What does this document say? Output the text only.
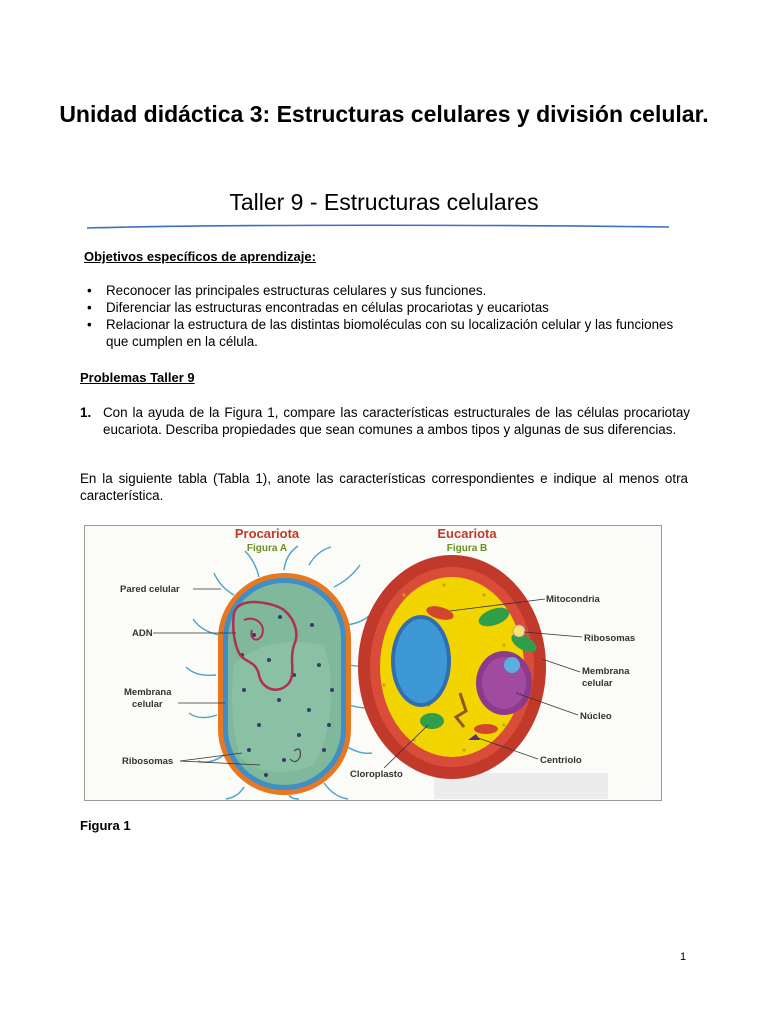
Unidad didáctica 3: Estructuras celulares y división celular.
Taller 9 - Estructuras celulares
Objetivos específicos de aprendizaje:
• Reconocer las principales estructuras celulares y sus funciones.
• Diferenciar las estructuras encontradas en células procariotas y eucariotas
• Relacionar la estructura de las distintas biomoléculas con su localización celular y las funciones que cumplen en la célula.
Problemas Taller 9
1. Con la ayuda de la Figura 1, compare las características estructurales de las células procariotay eucariota. Describa propiedades que sean comunes a ambos tipos y algunas de sus diferencias.
En la siguiente tabla (Tabla 1), anote las características correspondientes e indique al menos otra característica.
Procariota
Figura A
Pared celular
ADN
Membrana
celular
Ribosomas
Eucariota
Figura B
Mitocondria
Ribosomas
Membrana
celular
Núcleo
Centriolo
Cloroplasto
Figura 1
1
